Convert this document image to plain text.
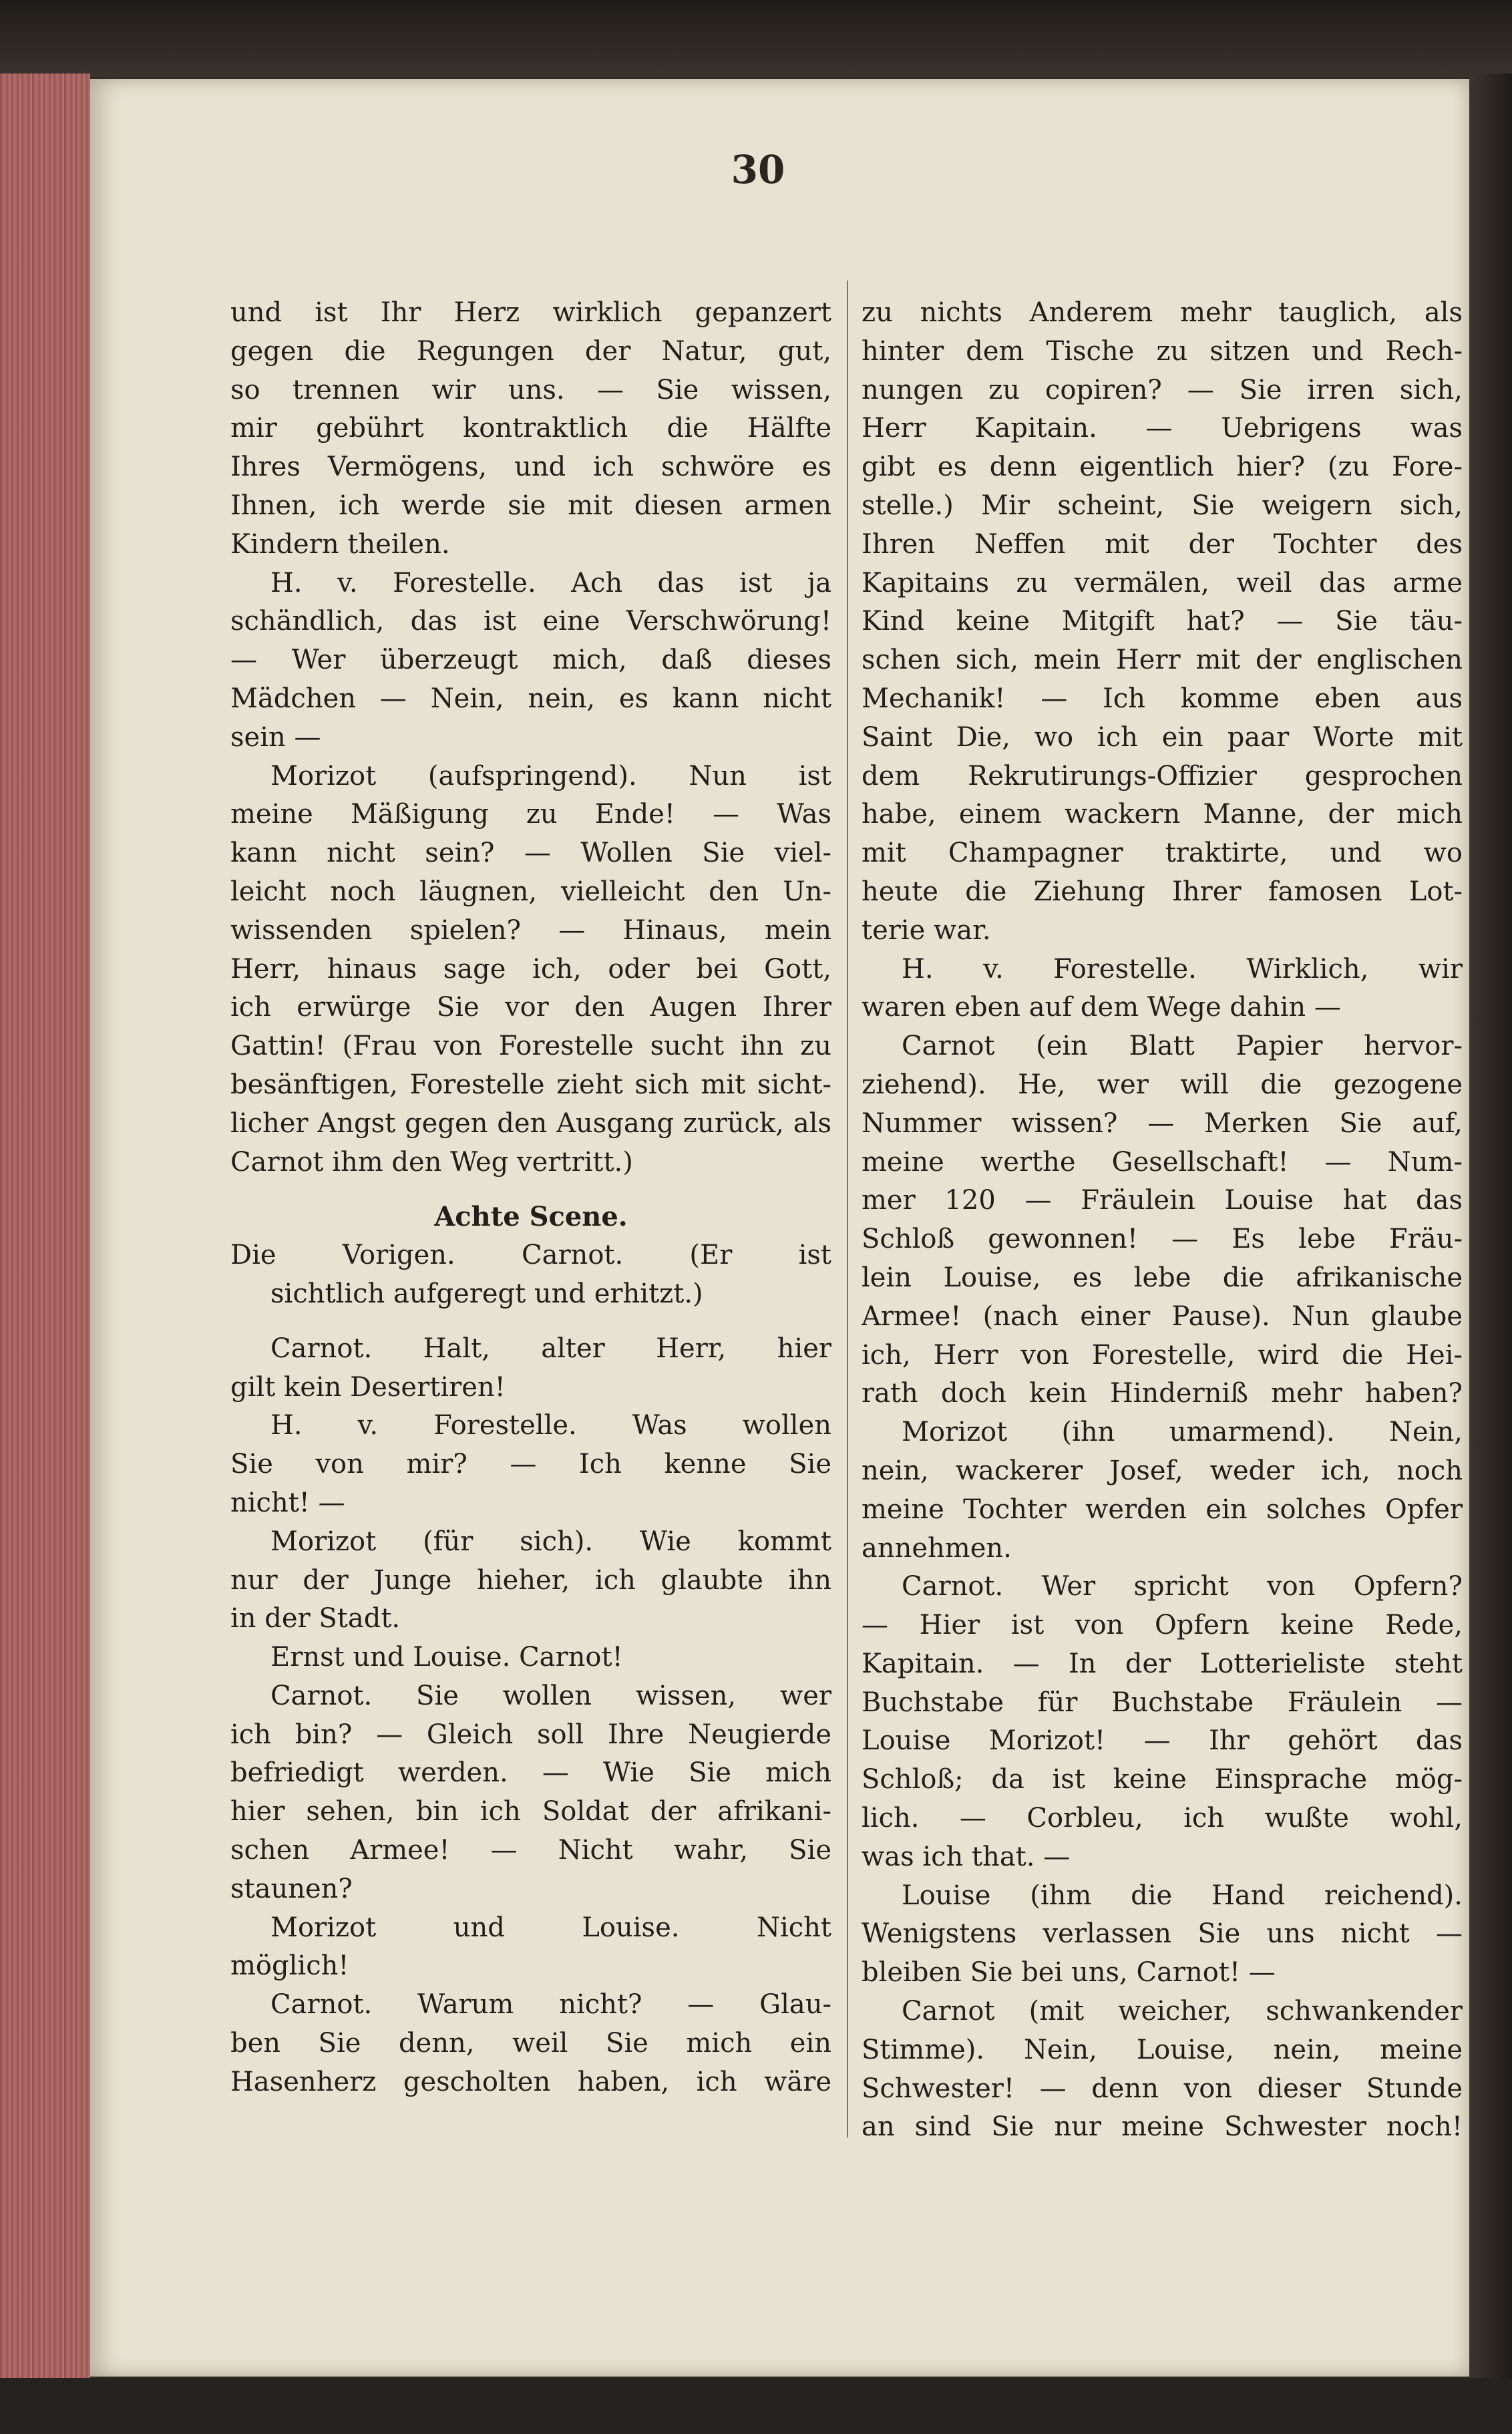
30
und ist Ihr Herz wirklich gepanzert
gegen die Regungen der Natur, gut,
so trennen wir uns. — Sie wissen,
mir gebührt kontraktlich die Hälfte
Ihres Vermögens, und ich schwöre es
Ihnen, ich werde sie mit diesen armen
Kindern theilen.
H. v. Forestelle. Ach das ist ja
schändlich, das ist eine Verschwörung!
— Wer überzeugt mich, daß dieses
Mädchen — Nein, nein, es kann nicht
sein —
Morizot (aufspringend). Nun ist
meine Mäßigung zu Ende! — Was
kann nicht sein? — Wollen Sie viel-
leicht noch läugnen, vielleicht den Un-
wissenden spielen? — Hinaus, mein
Herr, hinaus sage ich, oder bei Gott,
ich erwürge Sie vor den Augen Ihrer
Gattin! (Frau von Forestelle sucht ihn zu
besänftigen, Forestelle zieht sich mit sicht-
licher Angst gegen den Ausgang zurück, als
Carnot ihm den Weg vertritt.)
Achte Scene.
Die Vorigen. Carnot. (Er ist
sichtlich aufgeregt und erhitzt.)
Carnot. Halt, alter Herr, hier
gilt kein Desertiren!
H. v. Forestelle. Was wollen
Sie von mir? — Ich kenne Sie
nicht! —
Morizot (für sich). Wie kommt
nur der Junge hieher, ich glaubte ihn
in der Stadt.
Ernst und Louise. Carnot!
Carnot. Sie wollen wissen, wer
ich bin? — Gleich soll Ihre Neugierde
befriedigt werden. — Wie Sie mich
hier sehen, bin ich Soldat der afrikani-
schen Armee! — Nicht wahr, Sie
staunen?
Morizot und Louise. Nicht
möglich!
Carnot. Warum nicht? — Glau-
ben Sie denn, weil Sie mich ein
Hasenherz gescholten haben, ich wäre
zu nichts Anderem mehr tauglich, als
hinter dem Tische zu sitzen und Rech-
nungen zu copiren? — Sie irren sich,
Herr Kapitain. — Uebrigens was
gibt es denn eigentlich hier? (zu Fore-
stelle.) Mir scheint, Sie weigern sich,
Ihren Neffen mit der Tochter des
Kapitains zu vermälen, weil das arme
Kind keine Mitgift hat? — Sie täu-
schen sich, mein Herr mit der englischen
Mechanik! — Ich komme eben aus
Saint Die, wo ich ein paar Worte mit
dem Rekrutirungs-Offizier gesprochen
habe, einem wackern Manne, der mich
mit Champagner traktirte, und wo
heute die Ziehung Ihrer famosen Lot-
terie war.
H. v. Forestelle. Wirklich, wir
waren eben auf dem Wege dahin —
Carnot (ein Blatt Papier hervor-
ziehend). He, wer will die gezogene
Nummer wissen? — Merken Sie auf,
meine werthe Gesellschaft! — Num-
mer 120 — Fräulein Louise hat das
Schloß gewonnen! — Es lebe Fräu-
lein Louise, es lebe die afrikanische
Armee! (nach einer Pause). Nun glaube
ich, Herr von Forestelle, wird die Hei-
rath doch kein Hinderniß mehr haben?
Morizot (ihn umarmend). Nein,
nein, wackerer Josef, weder ich, noch
meine Tochter werden ein solches Opfer
annehmen.
Carnot. Wer spricht von Opfern?
— Hier ist von Opfern keine Rede,
Kapitain. — In der Lotterieliste steht
Buchstabe für Buchstabe Fräulein —
Louise Morizot! — Ihr gehört das
Schloß; da ist keine Einsprache mög-
lich. — Corbleu, ich wußte wohl,
was ich that. —
Louise (ihm die Hand reichend).
Wenigstens verlassen Sie uns nicht —
bleiben Sie bei uns, Carnot! —
Carnot (mit weicher, schwankender
Stimme). Nein, Louise, nein, meine
Schwester! — denn von dieser Stunde
an sind Sie nur meine Schwester noch!
